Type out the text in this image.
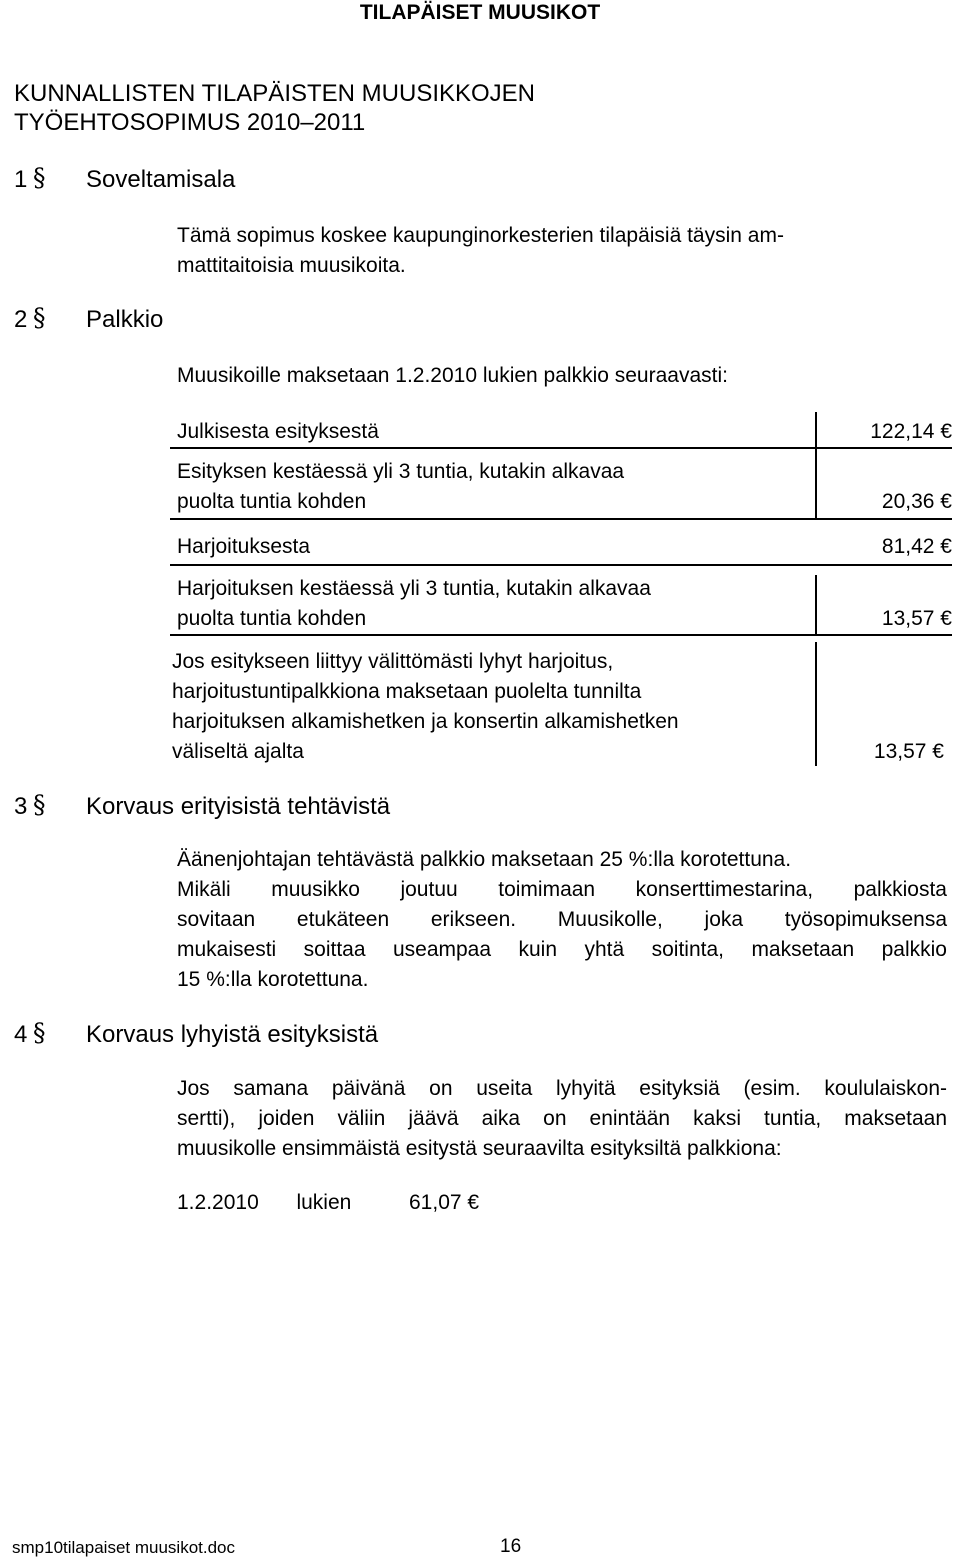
TILAPÄISET MUUSIKOT
KUNNALLISTEN TILAPÄISTEN MUUSIKKOJEN
TYÖEHTOSOPIMUS 2010–2011
1 § Soveltamisala
Tämä sopimus koskee kaupunginorkesterien tilapäisiä täysin am-
mattitaitoisia muusikoita.
2 § Palkkio
Muusikoille maksetaan 1.2.2010 lukien palkkio seuraavasti:
Julkisesta esityksestä	122,14 €
Esityksen kestäessä yli 3 tuntia, kutakin alkavaa
puolta tuntia kohden	20,36 €
Harjoituksesta	81,42 €
Harjoituksen kestäessä yli 3 tuntia, kutakin alkavaa
puolta tuntia kohden	13,57 €
Jos esitykseen liittyy välittömästi lyhyt harjoitus,
harjoitustuntipalkkiona maksetaan puolelta tunnilta
harjoituksen alkamishetken ja konsertin alkamishetken
väliseltä ajalta	13,57 €
3 § Korvaus erityisistä tehtävistä
Äänenjohtajan tehtävästä palkkio maksetaan 25 %:lla korotettuna.
Mikäli muusikko joutuu toimimaan konserttimestarina, palkkiosta
sovitaan etukäteen erikseen. Muusikolle, joka työsopimuksensa
mukaisesti soittaa useampaa kuin yhtä soitinta, maksetaan palkkio
15 %:lla korotettuna.
4 § Korvaus lyhyistä esityksistä
Jos samana päivänä on useita lyhyitä esityksiä (esim. koululaiskon-
sertti), joiden väliin jäävä aika on enintään kaksi tuntia, maksetaan
muusikolle ensimmäistä esitystä seuraavilta esityksiltä palkkiona:
1.2.2010 lukien	61,07 €
smp10tilapaiset muusikot.doc	16
